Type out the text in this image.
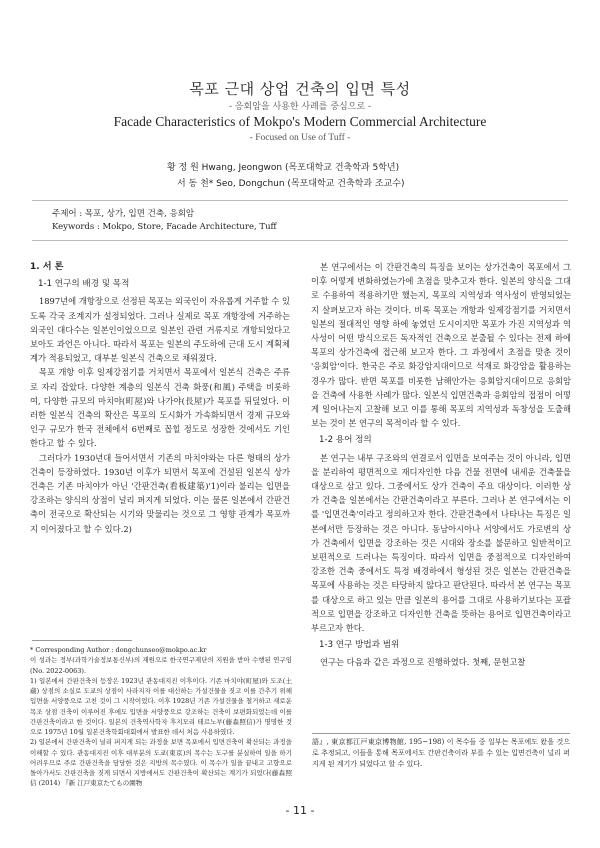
목포 근대 상업 건축의 입면 특성
- 응회암을 사용한 사례를 중심으로 -
Facade Characteristics of Mokpo's Modern Commercial Architecture
- Focused on Use of Tuff -
황 정 원 Hwang, Jeongwon (목포대학교 건축학과 5학년)
서 동 천* Seo, Dongchun (목포대학교 건축학과 조교수)
주제어 : 목포, 상가, 입면 건축, 응회암
Keywords : Mokpo, Store, Facade Architecture, Tuff
1. 서 론
1-1 연구의 배경 및 목적

1897년에 개항장으로 선정된 목포는 외국인이 자유롭게 거주할 수 있도록 각국 조계지가 설정되었다. 그러나 실제로 목포 개항장에 거주하는 외국인 대다수는 일본인이었으므로 일본인 관련 거류지로 개항되었다고 보아도 과언은 아니다. 따라서 목포는 일본의 주도하에 근대 도시 계획체계가 적용되었고, 대부분 일본식 건축으로 채워졌다.

목포 개항 이후 일제강점기를 거치면서 목포에서 일본식 건축은 주류로 자리 잡았다. 다양한 계층의 일본식 건축 화풍(和風) 주택을 비롯하여, 다양한 규모의 마치야(町屋)와 나가야(長屋)가 목포를 뒤덮었다. 이러한 일본식 건축의 확산은 목포의 도시화가 가속화되면서 경제 규모와 인구 규모가 한국 전체에서 6번째로 꼽힐 정도로 성장한 것에서도 기인한다고 할 수 있다.

그러다가 1930년대 들어서면서 기존의 마치야와는 다른 형태의 상가 건축이 등장하였다. 1930년 이후가 되면서 목포에 건설된 일본식 상가 건축은 기존 마치야가 아닌 '간판건축(看板建築)'1)이라 불리는 입면을 강조하는 양식의 상점이 널리 퍼지게 되었다. 이는 물론 일본에서 간판건축이 전국으로 확산되는 시기와 맞물리는 것으로 그 영향 관계가 목포까지 이어졌다고 할 수 있다.2)

* Corresponding Author : dongchunseo@mokpo.ac.kr

이 성과는 정부(과학기술정보통신부)의 재원으로 한국연구재단의 지원을 받아 수행된 연구임(No. 2022-0063).

1) 일본에서 간판건축의 등장은 1923년 관동대지진 이후이다. 기존 마치야(町屋)와 도조(土蔵) 상점의 소실로 도쿄의 상점이 사라지자 이를 대신하는 가설건물을 짓고 이를 간추기 위해 입면을 서양풍으로 고친 것이 그 시작이었다. 이후 1928년 기존 가설건물을 철거하고 새로운 목조 상점 건축이 이루어진 후에도 입면을 서양풍으로 강조하는 건축이 보편화되었는데 이를 간판건축이라고 한 것이다. 일본의 건축역사학자 후지모리 테르노부(藤森照信)가 명명한 것으로 1975년 10월 일본건축학회대회에서 발표한 데서 처음 사용하였다.

2) 일본에서 간판건축이 널리 퍼지게 되는 과정을 보면 목포에서 입면건축이 확산되는 과정을 이해할 수 있다. 관동대지진 이후 대부분의 도쿄(東京)의 목수는 도구를 분실하여 일을 하기 어려우므로 주로 간판건축을 담당한 것은 지방의 목수였다. 이 목수가 일을 끝내고 고향으로 돌아가서도 간판건축을 짓게 되면서 지방에서도 간판건축이 확산되는 계기가 되었다(藤森照信 (2014) 『新 江戸東京たてもの園物

본 연구에서는 이 간판건축의 특징을 보이는 상가건축이 목포에서 그 이후 어떻게 변화하였는가에 초점을 맞추고자 한다. 일본의 양식을 그대로 수용하여 적용하기만 했는지, 목포의 지역성과 역사성이 반영되었는지 살펴보고자 하는 것이다. 비록 목포는 개항과 일제강점기를 거치면서 일본의 절대적인 영향 하에 놓였던 도시이지만 목포가 가진 지역성과 역사성이 어떤 방식으로든 독자적인 건축으로 분출될 수 있다는 전제 하에 목포의 상가건축에 접근해 보고자 한다. 그 과정에서 초점을 맞춘 것이 '응회암'이다. 한국은 주로 화강암지대이므로 석재로 화강암을 활용하는 경우가 많다. 반면 목포를 비롯한 남해안가는 응회암지대이므로 응회암을 건축에 사용한 사례가 많다. 일본식 입면건축과 응회암의 접점이 어떻게 일어나는지 고찰해 보고 이를 통해 목포의 지역성과 독창성을 도출해 보는 것이 본 연구의 목적이라 할 수 있다.

1-2 용어 정의

본 연구는 내부 구조와의 연결로서 입면을 보여주는 것이 아니라, 입면을 분리하여 평면적으로 재디자인한 다음 건물 전면에 내세운 건축물을 대상으로 삼고 있다. 그중에서도 상가 건축이 주요 대상이다. 이러한 상가 건축을 일본에서는 간판건축이라고 부른다. 그러나 본 연구에서는 이를 '입면건축'이라고 정의하고자 한다. 간판건축에서 나타나는 특징은 일본에서만 등장하는 것은 아니다. 동남아시아나 서양에서도 가로변의 상가 건축에서 입면을 강조하는 것은 시대와 장소를 불문하고 일반적이고 보편적으로 드러나는 특징이다. 따라서 입면을 중점적으로 디자인하여 강조한 건축 중에서도 특정 배경하에서 형성된 것은 일본는 간판건축을 목포에 사용하는 것은 타당하지 않다고 판단된다. 따라서 본 연구는 목포를 대상으로 하고 있는 만큼 일본의 용어를 그대로 사용하기보다는 포괄적으로 입면을 강조하고 디자인한 건축을 뜻하는 용어로 입면건축이라고 부르고자 한다.

1-3 연구 방법과 범위

연구는 다음과 같은 과정으로 진행하였다. 첫째, 문헌고찰

語』, 東京都江戸東京博物館, 195~198) 이 목수들 중 일부는 목포에도 왔을 것으로 추정되고, 이들을 통해 목포에서도 간판건축이라 부를 수 있는 입면건축이 널리 퍼지게 된 계기가 되었다고 할 수 있다.

- 11 -
